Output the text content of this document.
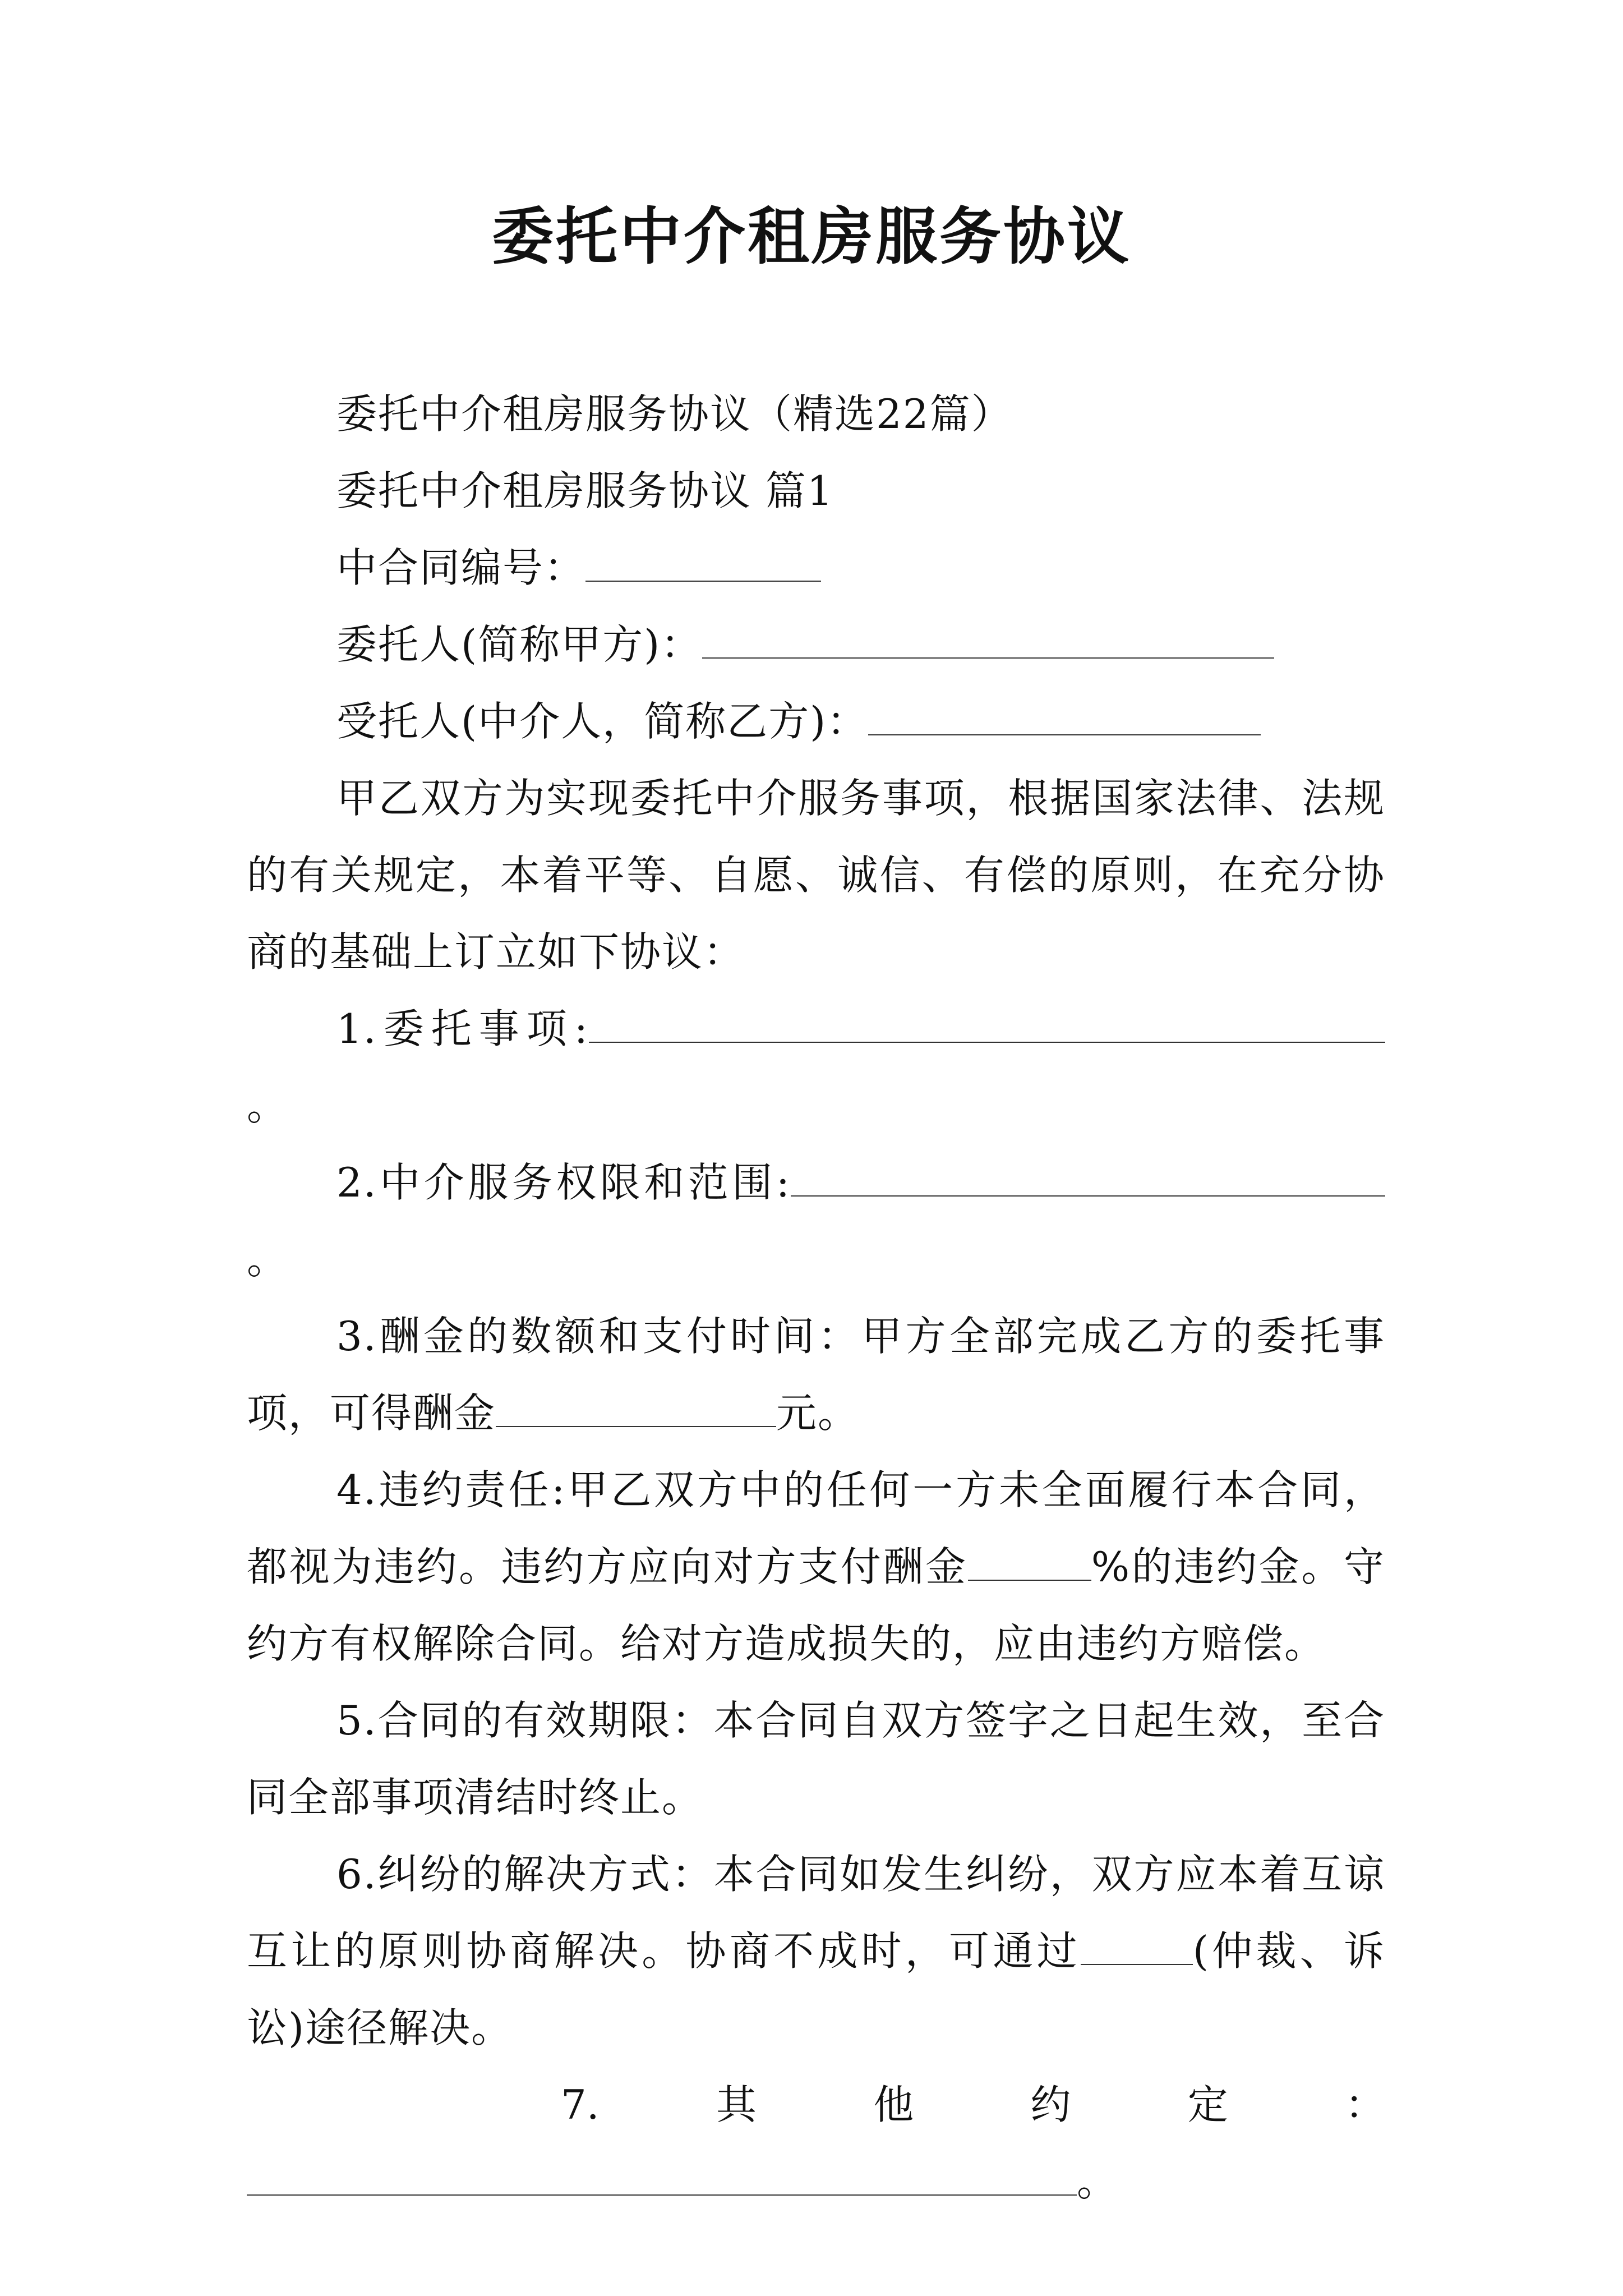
委托中介租房服务协议

委托中介租房服务协议（精选22篇）

委托中介租房服务协议 篇1

中合同编号：

委托人(简称甲方)：

受托人(中介人，简称乙方)：

甲乙双方为实现委托中介服务事项，根据国家法律、法规的有关规定，本着平等、自愿、诚信、有偿的原则，在充分协商的基础上订立如下协议：

1.委托事项:。

2.中介服务权限和范围:。

3.酬金的数额和支付时间：甲方全部完成乙方的委托事项，可得酬金	元。

4.违约责任:甲乙双方中的任何一方未全面履行本合同，都视为违约。违约方应向对方支付酬金	%的违约金。守约方有权解除合同。给对方造成损失的，应由违约方赔偿。

5.合同的有效期限：本合同自双方签字之日起生效，至合同全部事项清结时终止。

6.纠纷的解决方式：本合同如发生纠纷，双方应本着互谅互让的原则协商解决。协商不成时，可通过	(仲裁、诉讼)途径解决。

7.	其	他	约	定	：

。
